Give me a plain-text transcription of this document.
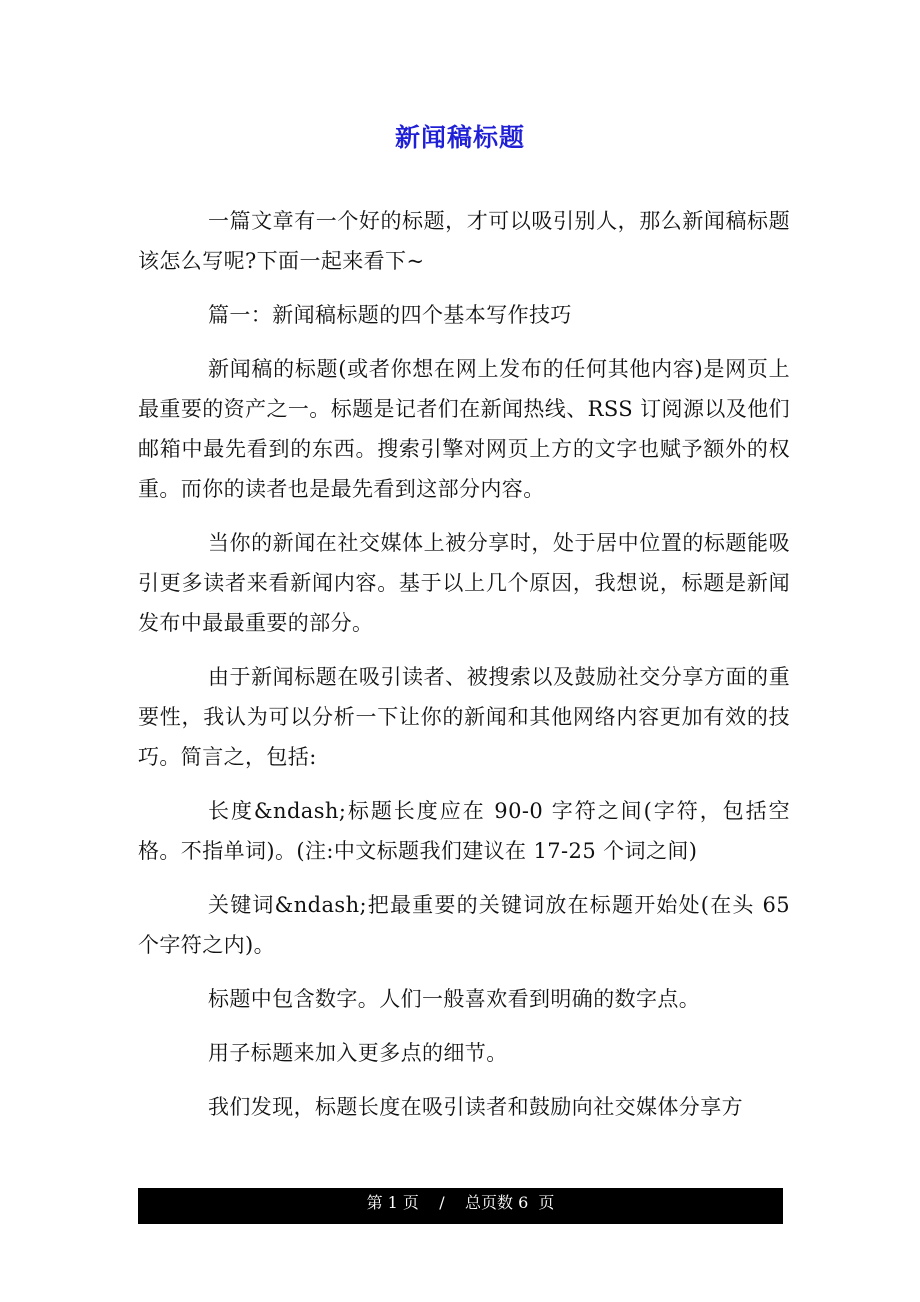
新闻稿标题

一篇文章有一个好的标题，才可以吸引别人，那么新闻稿标题该怎么写呢?下面一起来看下~

篇一：新闻稿标题的四个基本写作技巧

新闻稿的标题(或者你想在网上发布的任何其他内容)是网页上最重要的资产之一。标题是记者们在新闻热线、RSS 订阅源以及他们邮箱中最先看到的东西。搜索引擎对网页上方的文字也赋予额外的权重。而你的读者也是最先看到这部分内容。

当你的新闻在社交媒体上被分享时，处于居中位置的标题能吸引更多读者来看新闻内容。基于以上几个原因，我想说，标题是新闻发布中最最重要的部分。

由于新闻标题在吸引读者、被搜索以及鼓励社交分享方面的重要性，我认为可以分析一下让你的新闻和其他网络内容更加有效的技巧。简言之，包括:

长度&ndash;标题长度应在 90-0 字符之间(字符，包括空格。不指单词)。(注:中文标题我们建议在 17-25 个词之间)

关键词&ndash;把最重要的关键词放在标题开始处(在头 65 个字符之内)。

标题中包含数字。人们一般喜欢看到明确的数字点。

用子标题来加入更多点的细节。

我们发现，标题长度在吸引读者和鼓励向社交媒体分享方

第 1 页    /    总页数 6  页
